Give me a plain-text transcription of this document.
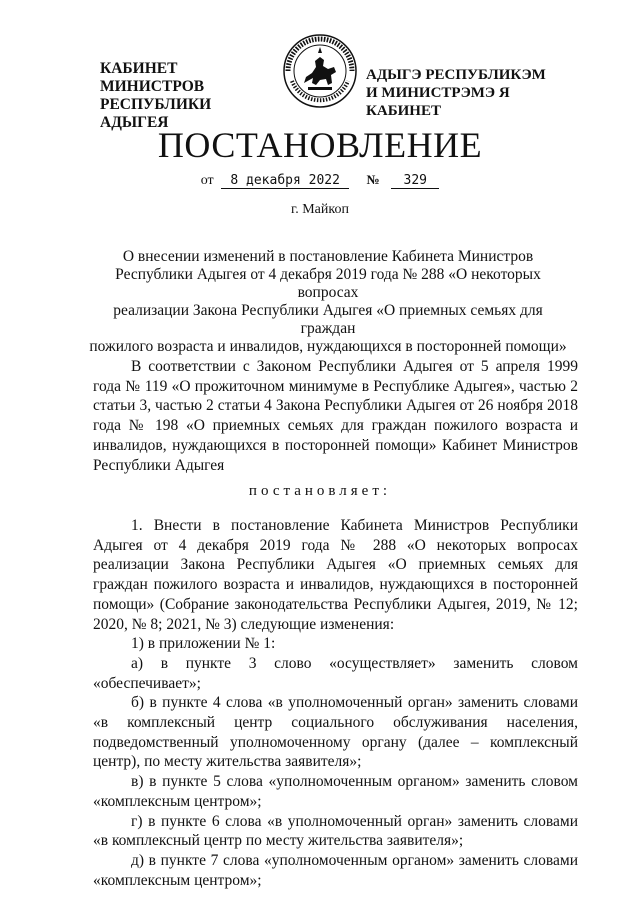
КАБИНЕТ МИНИСТРОВ
РЕСПУБЛИКИ АДЫГЕЯ
АДЫГЭ РЕСПУБЛИКЭМ
И МИНИСТРЭМЭ Я КАБИНЕТ
ПОСТАНОВЛЕНИЕ
от 8 декабря 2022 № 329
г. Майкоп
О внесении изменений в постановление Кабинета Министров
Республики Адыгея от 4 декабря 2019 года № 288 «О некоторых вопросах
реализации Закона Республики Адыгея «О приемных семьях для граждан
пожилого возраста и инвалидов, нуждающихся в посторонней помощи»

В соответствии с Законом Республики Адыгея от 5 апреля 1999 года № 119 «О прожиточном минимуме в Республике Адыгея», частью 2 статьи 3, частью 2 статьи 4 Закона Республики Адыгея от 26 ноября 2018 года № 198 «О приемных семьях для граждан пожилого возраста и инвалидов, нуждающихся в посторонней помощи» Кабинет Министров Республики Адыгея

постановляет:

1. Внести в постановление Кабинета Министров Республики Адыгея от 4 декабря 2019 года № 288 «О некоторых вопросах реализации Закона Республики Адыгея «О приемных семьях для граждан пожилого возраста и инвалидов, нуждающихся в посторонней помощи» (Собрание законодательства Республики Адыгея, 2019, № 12; 2020, № 8; 2021, № 3) следующие изменения:

1) в приложении № 1:

а) в пункте 3 слово «осуществляет» заменить словом «обеспечивает»;

б) в пункте 4 слова «в уполномоченный орган» заменить словами «в комплексный центр социального обслуживания населения, подведомственный уполномоченному органу (далее – комплексный центр), по месту жительства заявителя»;

в) в пункте 5 слова «уполномоченным органом» заменить словом «комплексным центром»;

г) в пункте 6 слова «в уполномоченный орган» заменить словами «в комплексный центр по месту жительства заявителя»;

д) в пункте 7 слова «уполномоченным органом» заменить словами «комплексным центром»;
